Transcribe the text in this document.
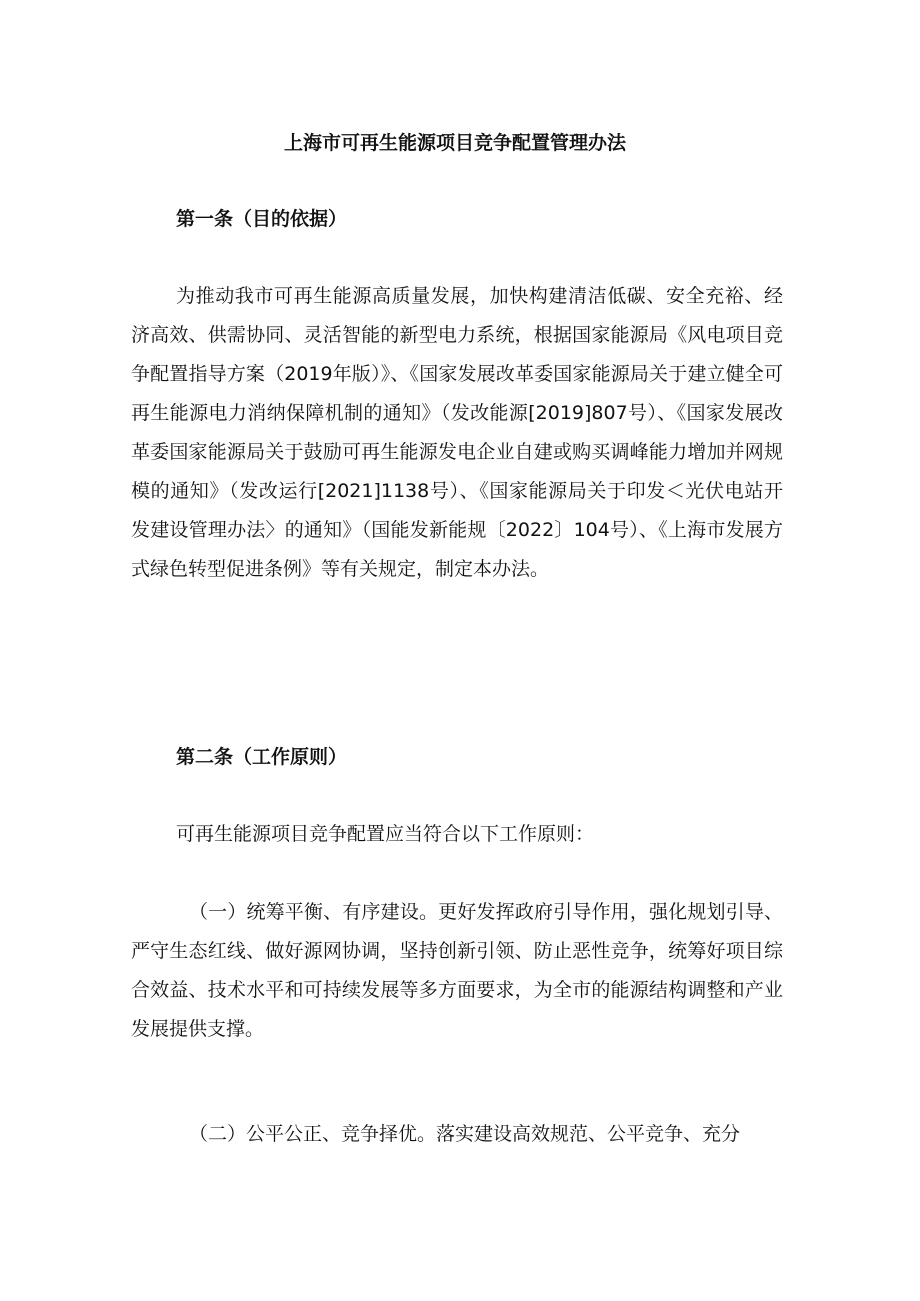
上海市可再生能源项目竞争配置管理办法
第一条（目的依据）

为推动我市可再生能源高质量发展，加快构建清洁低碳、安全充裕、经济高效、供需协同、灵活智能的新型电力系统，根据国家能源局《风电项目竞争配置指导方案（2019年版）》、《国家发展改革委国家能源局关于建立健全可再生能源电力消纳保障机制的通知》（发改能源[2019]807号）、《国家发展改革委国家能源局关于鼓励可再生能源发电企业自建或购买调峰能力增加并网规模的通知》（发改运行[2021]1138号）、《国家能源局关于印发＜光伏电站开发建设管理办法〉的通知》（国能发新能规〔2022〕104号）、《上海市发展方式绿色转型促进条例》等有关规定，制定本办法。

第二条（工作原则）

可再生能源项目竞争配置应当符合以下工作原则：

（一）统筹平衡、有序建设。更好发挥政府引导作用，强化规划引导、严守生态红线、做好源网协调，坚持创新引领、防止恶性竞争，统筹好项目综合效益、技术水平和可持续发展等多方面要求，为全市的能源结构调整和产业发展提供支撑。

（二）公平公正、竞争择优。落实建设高效规范、公平竞争、充分
